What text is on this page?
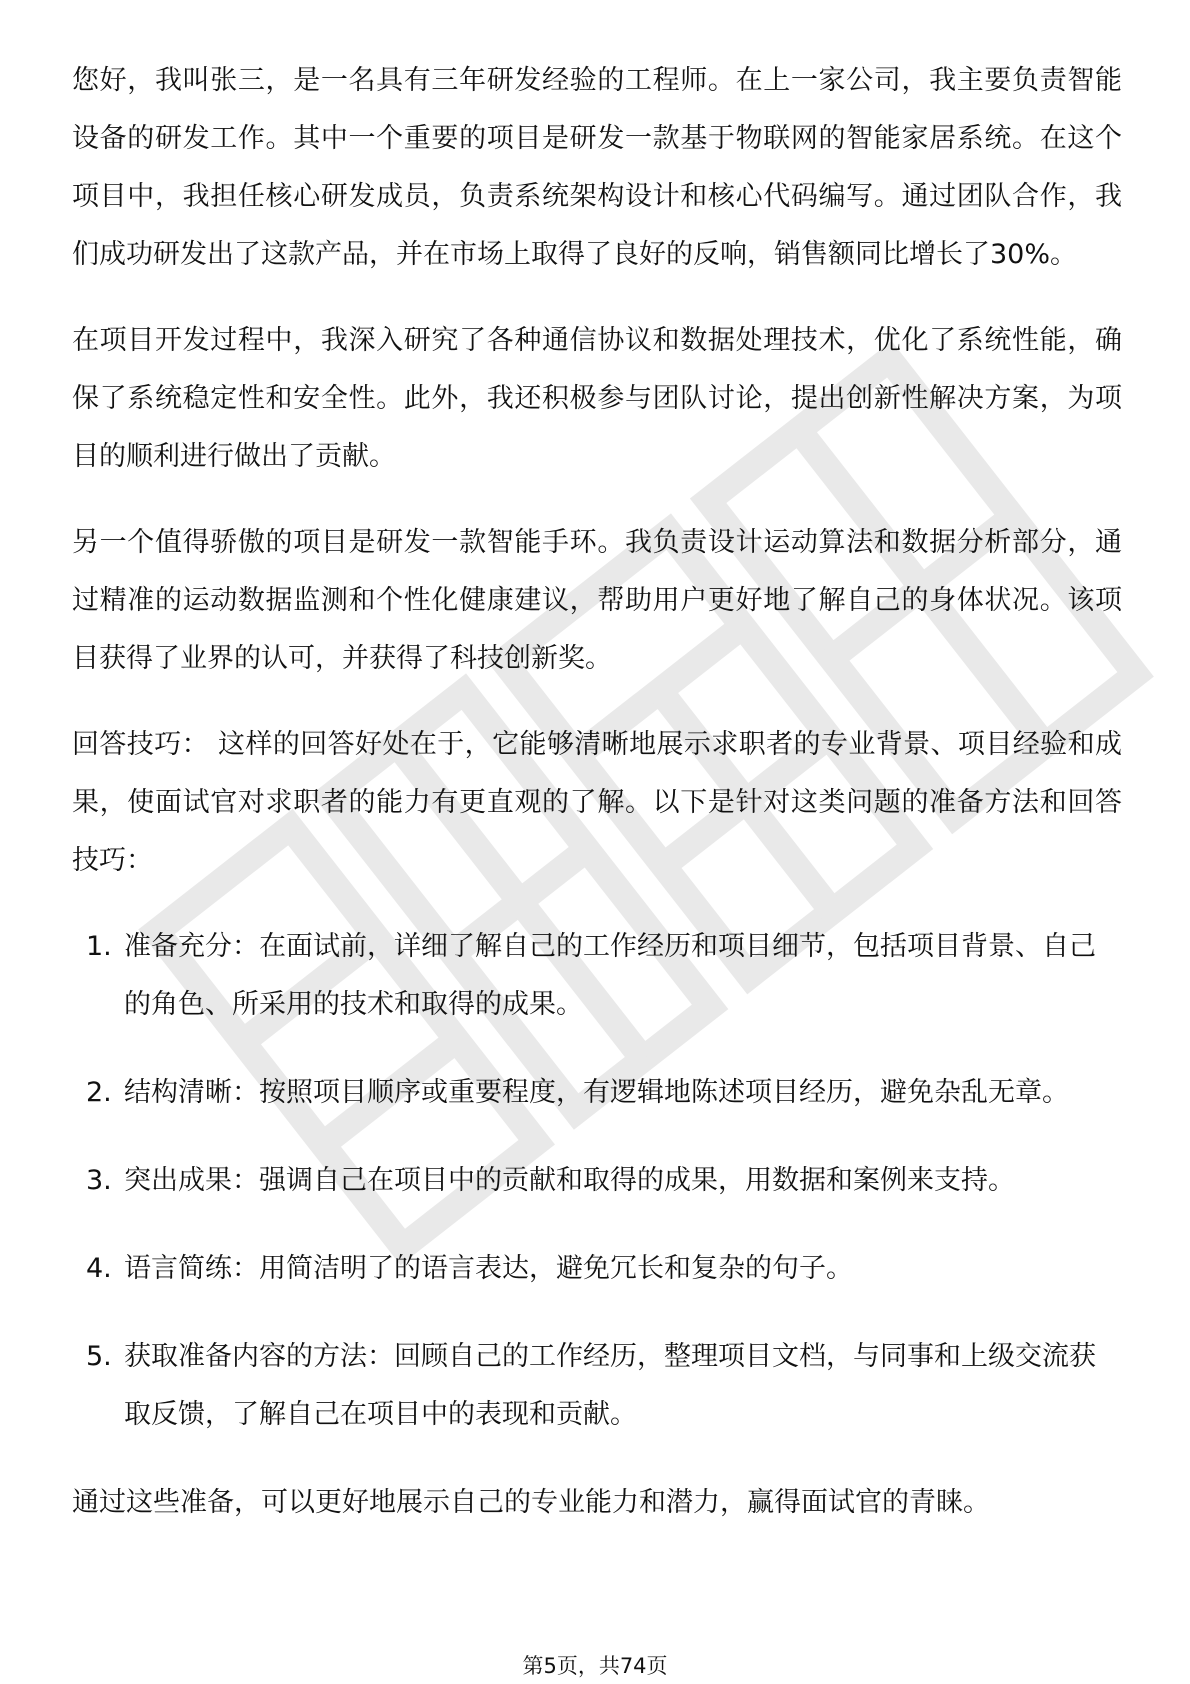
您好，我叫张三，是一名具有三年研发经验的工程师。在上一家公司，我主要负责智能设备的研发工作。其中一个重要的项目是研发一款基于物联网的智能家居系统。在这个项目中，我担任核心研发成员，负责系统架构设计和核心代码编写。通过团队合作，我们成功研发出了这款产品，并在市场上取得了良好的反响，销售额同比增长了30%。

在项目开发过程中，我深入研究了各种通信协议和数据处理技术，优化了系统性能，确保了系统稳定性和安全性。此外，我还积极参与团队讨论，提出创新性解决方案，为项目的顺利进行做出了贡献。

另一个值得骄傲的项目是研发一款智能手环。我负责设计运动算法和数据分析部分，通过精准的运动数据监测和个性化健康建议，帮助用户更好地了解自己的身体状况。该项目获得了业界的认可，并获得了科技创新奖。

回答技巧： 这样的回答好处在于，它能够清晰地展示求职者的专业背景、项目经验和成果，使面试官对求职者的能力有更直观的了解。以下是针对这类问题的准备方法和回答技巧：

1. 准备充分：在面试前，详细了解自己的工作经历和项目细节，包括项目背景、自己的角色、所采用的技术和取得的成果。
2. 结构清晰：按照项目顺序或重要程度，有逻辑地陈述项目经历，避免杂乱无章。
3. 突出成果：强调自己在项目中的贡献和取得的成果，用数据和案例来支持。
4. 语言简练：用简洁明了的语言表达，避免冗长和复杂的句子。
5. 获取准备内容的方法：回顾自己的工作经历，整理项目文档，与同事和上级交流获取反馈，了解自己在项目中的表现和贡献。

通过这些准备，可以更好地展示自己的专业能力和潜力，赢得面试官的青睐。

第5页，共74页
